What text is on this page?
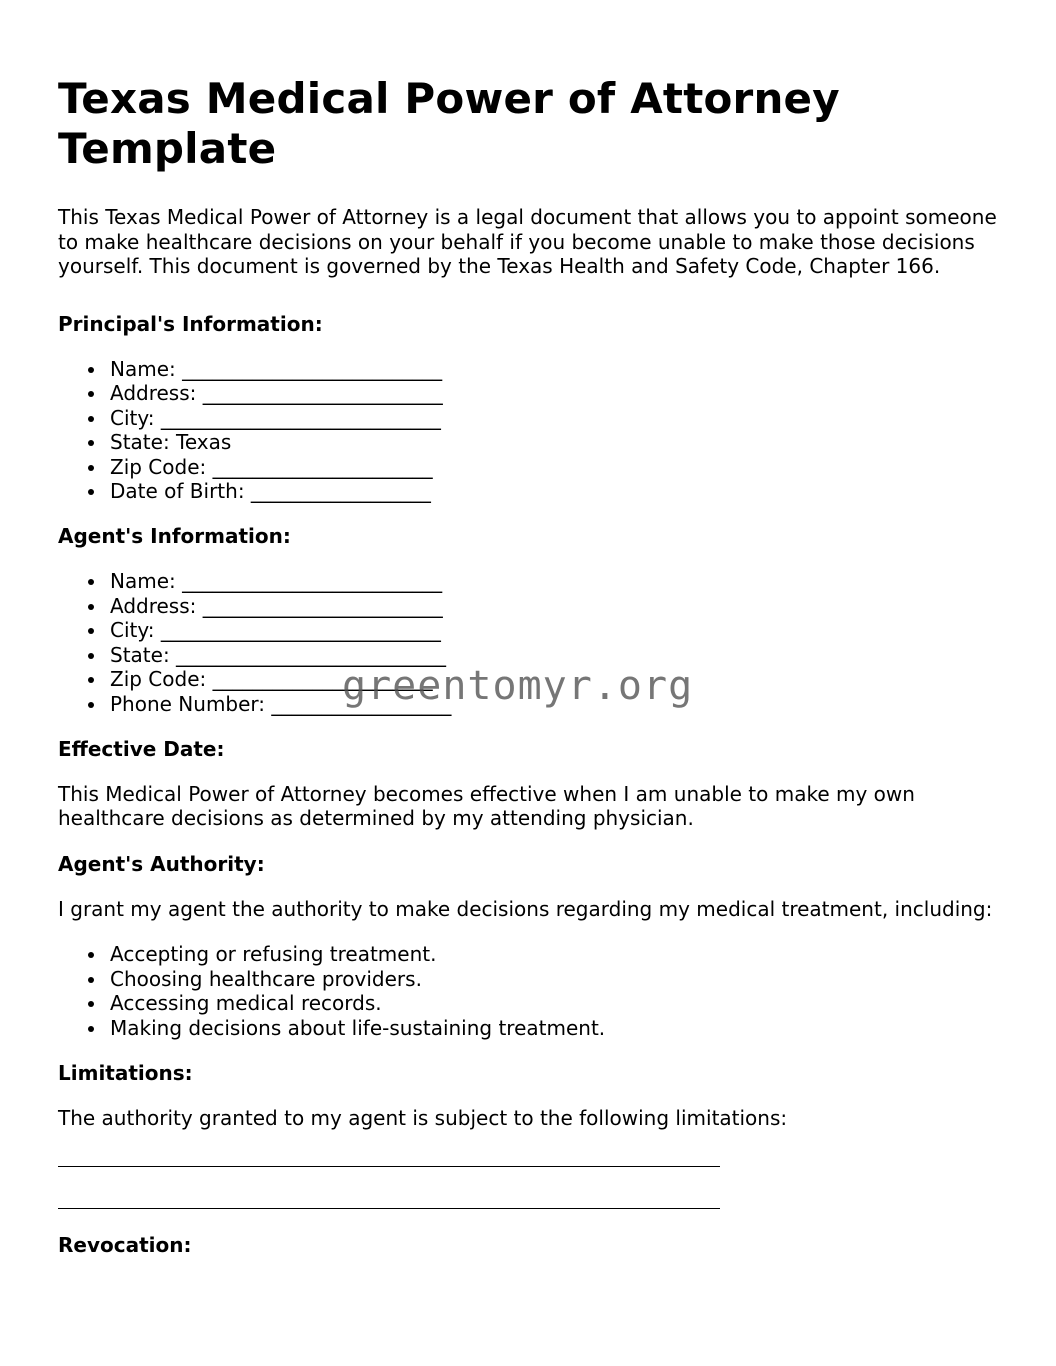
Texas Medical Power of Attorney Template

This Texas Medical Power of Attorney is a legal document that allows you to appoint someone to make healthcare decisions on your behalf if you become unable to make those decisions yourself. This document is governed by the Texas Health and Safety Code, Chapter 166.

Principal's Information:
Name: __________________________
Address: ________________________
City: ____________________________
State: Texas
Zip Code: ______________________
Date of Birth: __________________
Agent's Information:
Name: __________________________
Address: ________________________
City: ____________________________
State: ___________________________
Zip Code: ______________________
Phone Number: __________________
Effective Date:

This Medical Power of Attorney becomes effective when I am unable to make my own healthcare decisions as determined by my attending physician.

Agent's Authority:

I grant my agent the authority to make decisions regarding my medical treatment, including:

Accepting or refusing treatment.
Choosing healthcare providers.
Accessing medical records.
Making decisions about life-sustaining treatment.
Limitations:

The authority granted to my agent is subject to the following limitations:

Revocation:
greentomyr.org
